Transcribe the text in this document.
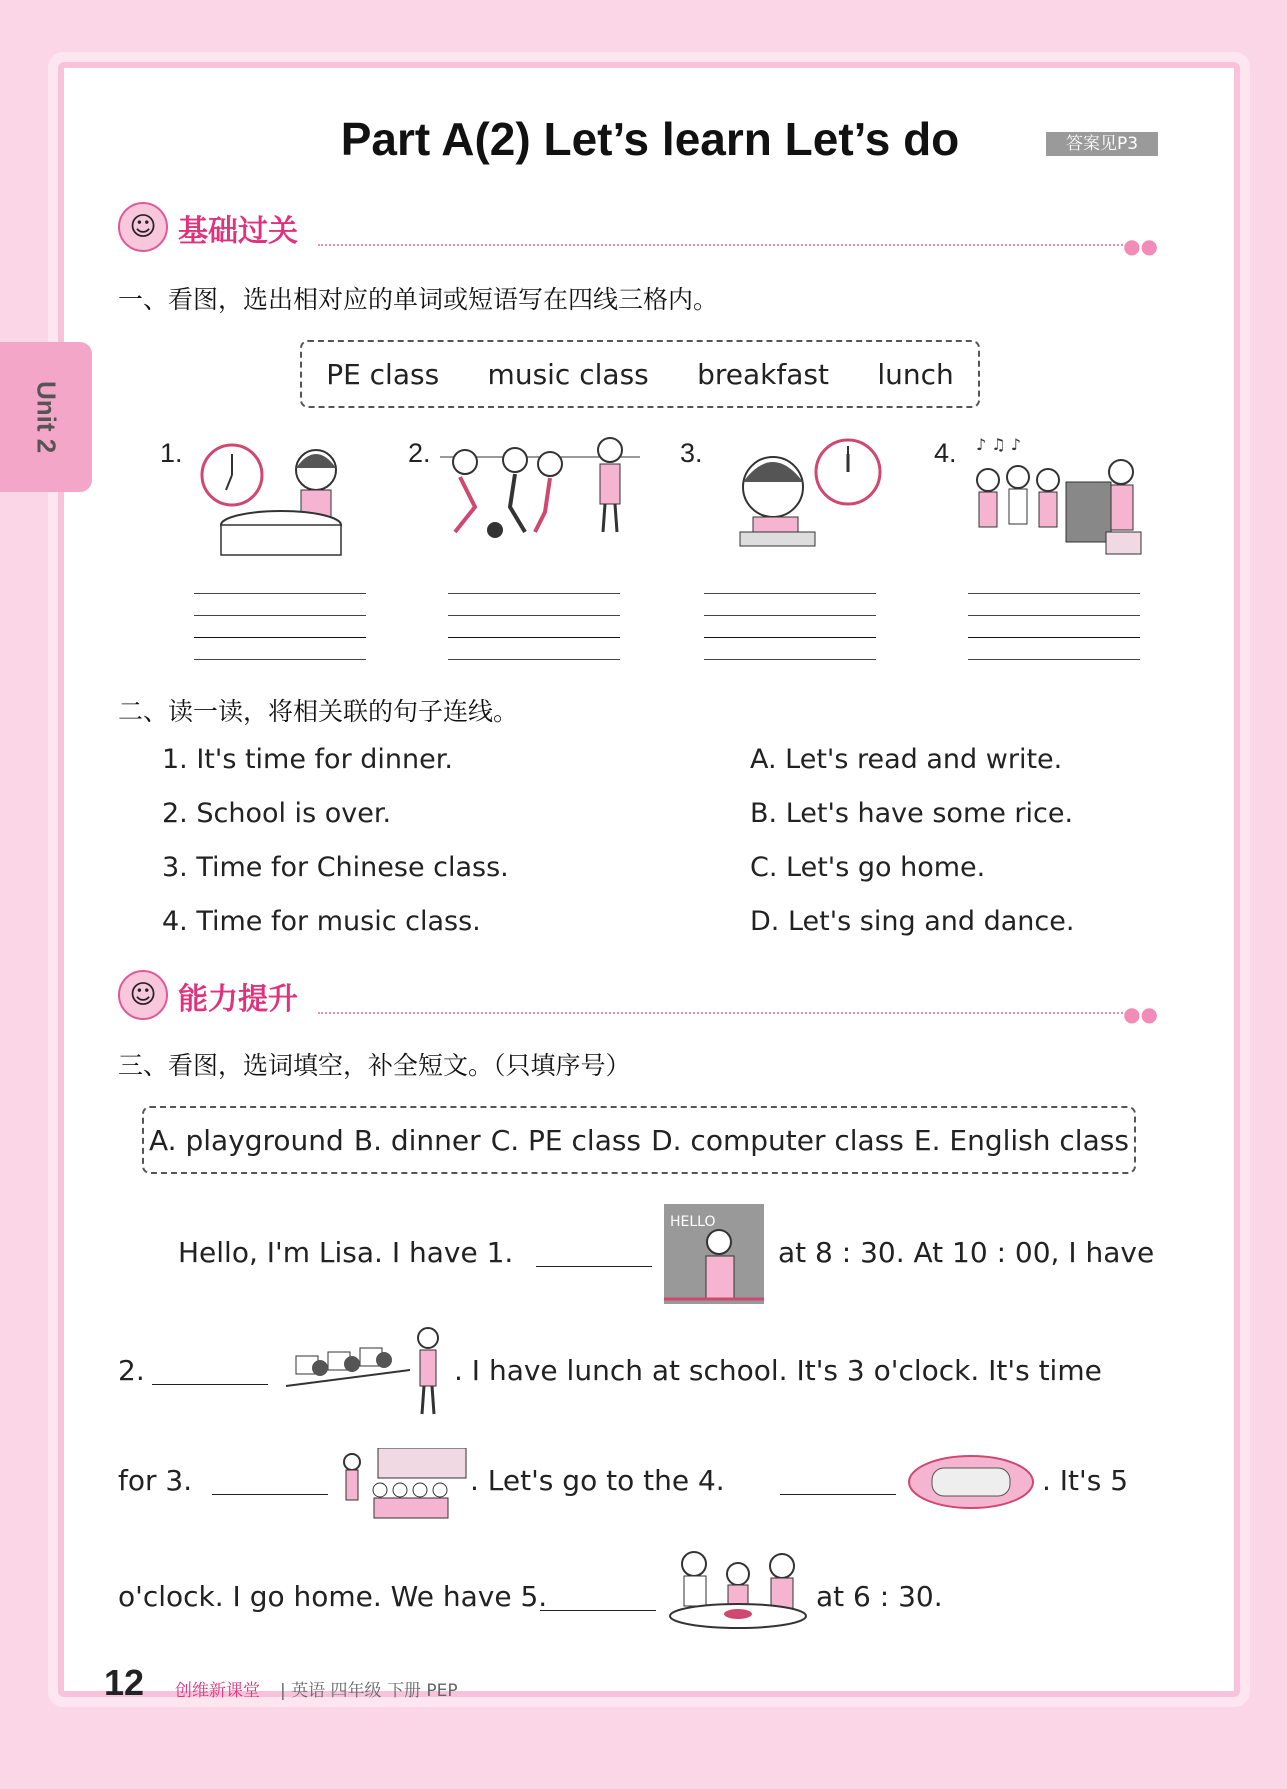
Unit 2
Part A(2) Let’s learn Let’s do	答案见P3
☺ 基础过关	●●
一、看图，选出相对应的单词或短语写在四线三格内。
PE class music class breakfast lunch
1.	2.	3.	4. ♪ ♫ ♪
二、读一读，将相关联的句子连线。
1. It's time for dinner.
2. School is over.
3. Time for Chinese class.
4. Time for music class.
A. Let's read and write.
B. Let's have some rice.
C. Let's go home.
D. Let's sing and dance.
☺ 能力提升	●●
三、看图，选词填空，补全短文。（只填序号）
A. playground B. dinner C. PE class D. computer class E. English class
Hello, I'm Lisa. I have 1.	at 8 : 30. At 10 : 00, I have
HELLO
2.	. I have lunch at school. It's 3 o'clock. It's time
for 3.	. Let's go to the 4.	. It's 5
o'clock. I go home. We have 5.	at 6 : 30.
12 创维新课堂 | 英语 四年级 下册 PEP
